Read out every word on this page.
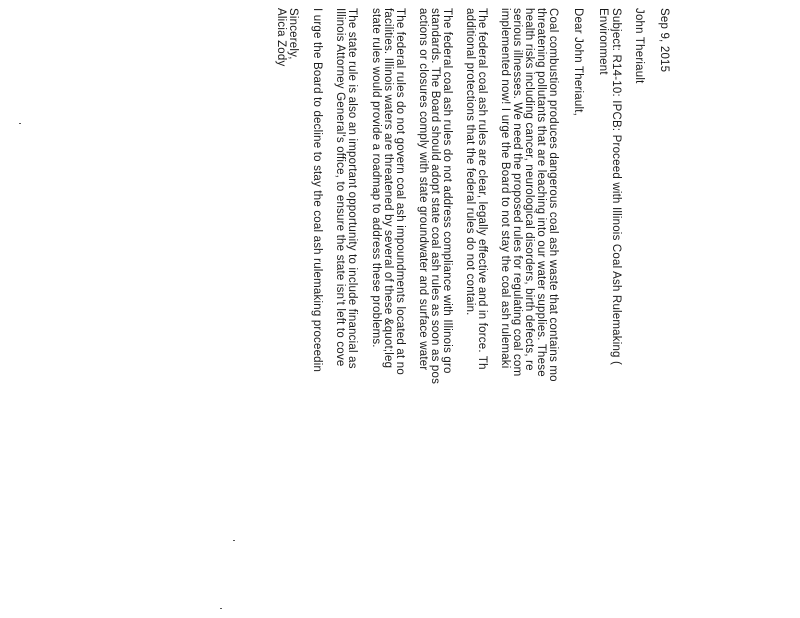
Sep 9, 2015
John Theriault
Subject: R14-10: IPCB: Proceed with Illinois Coal Ash Rulemaking (
Environment
Dear John Theriault,
Coal combustion produces dangerous coal ash waste that contains mo
threatening pollutants that are leaching into our water supplies. These
health risks including cancer, neurological disorders, birth defects, re
serious illnesses. We need the proposed rules for regulating coal com
implemented now! I urge the Board to not stay the coal ash rulemaki
The federal coal ash rules are clear, legally effective and in force. Th
additional protections that the federal rules do not contain.
The federal coal ash rules do not address compliance with Illinois gro
standards. The Board should adopt state coal ash rules as soon as pos
actions or closures comply with state groundwater and surface water
The federal rules do not govern coal ash impoundments located at no
facilities. Illinois waters are threatened by several of these &quot;leg
state rules would provide a roadmap to address these problems.
The state rule is also an important opportunity to include financial as
Illinois Attorney General's office, to ensure the state isn't left to cove
I urge the Board to decline to stay the coal ash rulemaking proceedin
Sincerely,
Alicia Zody
